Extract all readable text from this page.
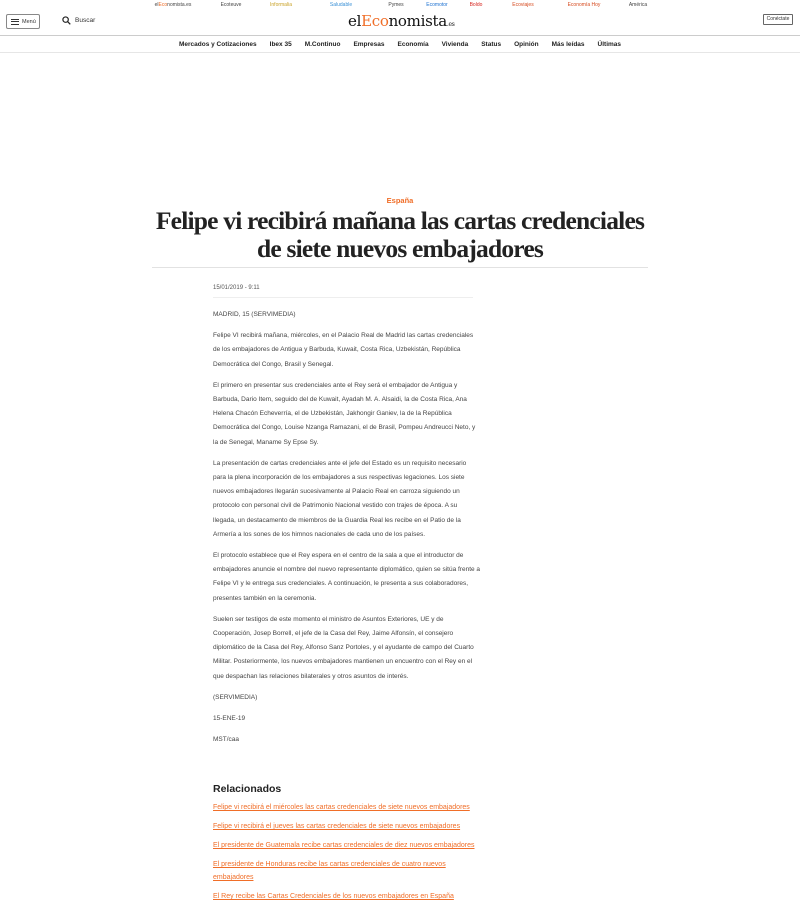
elEconomista.es	Ecoteuve	Informalia	Saludable	Pymes	Ecomotor	Boldo	Ecoviajes	Economía Hoy	América
Menú	Buscar	elEconomista.es
Conéctate
Mercados y Cotizaciones Ibex 35 M.Continuo Empresas Economía Vivienda Status Opinión Más leídas Últimas
España
Felipe vi recibirá mañana las cartas credenciales de siete nuevos embajadores
15/01/2019 - 9:11

MADRID, 15 (SERVIMEDIA)

Felipe VI recibirá mañana, miércoles, en el Palacio Real de Madrid las cartas credenciales de los embajadores de Antigua y Barbuda, Kuwait, Costa Rica, Uzbekistán, República Democrática del Congo, Brasil y Senegal.

El primero en presentar sus credenciales ante el Rey será el embajador de Antigua y Barbuda, Dario Item, seguido del de Kuwait, Ayadah M. A. Alsaidi, la de Costa Rica, Ana Helena Chacón Echeverría, el de Uzbekistán, Jakhongir Ganiev, la de la República Democrática del Congo, Louise Nzanga Ramazani, el de Brasil, Pompeu Andreucci Neto, y la de Senegal, Maname Sy Epse Sy.

La presentación de cartas credenciales ante el jefe del Estado es un requisito necesario para la plena incorporación de los embajadores a sus respectivas legaciones. Los siete nuevos embajadores llegarán sucesivamente al Palacio Real en carroza siguiendo un protocolo con personal civil de Patrimonio Nacional vestido con trajes de época. A su llegada, un destacamento de miembros de la Guardia Real les recibe en el Patio de la Armería a los sones de los himnos nacionales de cada uno de los países.

El protocolo establece que el Rey espera en el centro de la sala a que el introductor de embajadores anuncie el nombre del nuevo representante diplomático, quien se sitúa frente a Felipe VI y le entrega sus credenciales. A continuación, le presenta a sus colaboradores, presentes también en la ceremonia.

Suelen ser testigos de este momento el ministro de Asuntos Exteriores, UE y de Cooperación, Josep Borrell, el jefe de la Casa del Rey, Jaime Alfonsín, el consejero diplomático de la Casa del Rey, Alfonso Sanz Portoles, y el ayudante de campo del Cuarto Militar. Posteriormente, los nuevos embajadores mantienen un encuentro con el Rey en el que despachan las relaciones bilaterales y otros asuntos de interés.

(SERVIMEDIA)

15-ENE-19

MST/caa

Relacionados
Felipe vi recibirá el miércoles las cartas credenciales de siete nuevos embajadores
Felipe vi recibirá el jueves las cartas credenciales de siete nuevos embajadores
El presidente de Guatemala recibe cartas credenciales de diez nuevos embajadores
El presidente de Honduras recibe las cartas credenciales de cuatro nuevos embajadores
El Rey recibe las Cartas Credenciales de los nuevos embajadores en España
